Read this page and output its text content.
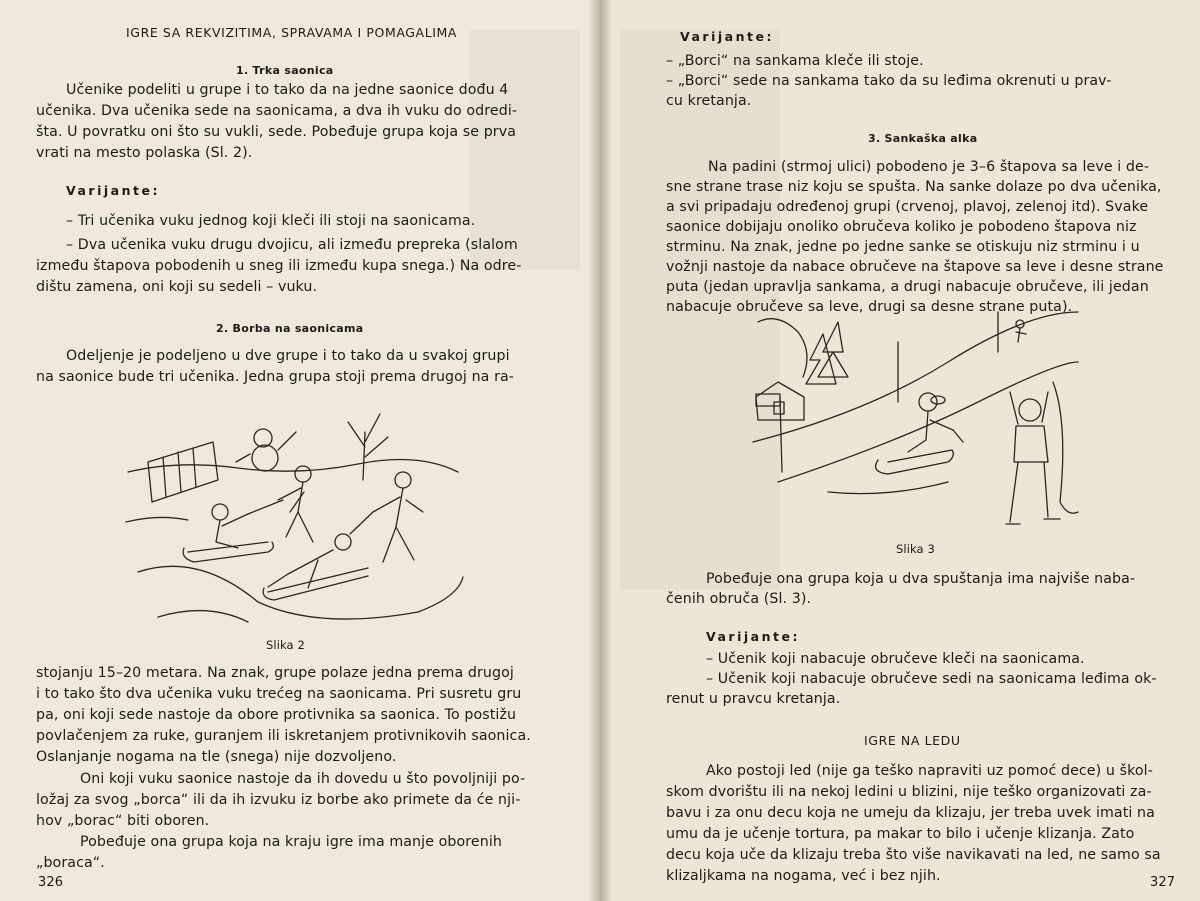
IGRE SA REKVIZITIMA, SPRAVAMA I POMAGALIMA
1. Trka saonica
Učenike podeliti u grupe i to tako da na jedne saonice dođu 4
učenika. Dva učenika sede na saonicama, a dva ih vuku do odredi-
šta. U povratku oni što su vukli, sede. Pobeđuje grupa koja se prva
vrati na mesto polaska (Sl. 2).
Varijante:
– Tri učenika vuku jednog koji kleči ili stoji na saonicama.
– Dva učenika vuku drugu dvojicu, ali između prepreka (slalom
između štapova pobodenih u sneg ili između kupa snega.) Na odre-
dištu zamena, oni koji su sedeli – vuku.
2. Borba na saonicama
Odeljenje je podeljeno u dve grupe i to tako da u svakoj grupi
na saonice bude tri učenika. Jedna grupa stoji prema drugoj na ra-
Slika 2
stojanju 15–20 metara. Na znak, grupe polaze jedna prema drugoj
i to tako što dva učenika vuku trećeg na saonicama. Pri susretu gru
pa, oni koji sede nastoje da obore protivnika sa saonica. To postižu
povlačenjem za ruke, guranjem ili iskretanjem protivnikovih saonica.
Oslanjanje nogama na tle (snega) nije dozvoljeno.
Oni koji vuku saonice nastoje da ih dovedu u što povoljniji po-
ložaj za svog „borca“ ili da ih izvuku iz borbe ako primete da će nji-
hov „borac“ biti oboren.
Pobeđuje ona grupa koja na kraju igre ima manje oborenih
„boraca“.
326
Varijante:
– „Borci“ na sankama kleče ili stoje.
– „Borci“ sede na sankama tako da su leđima okrenuti u prav-
cu kretanja.
3. Sankaška alka
Na padini (strmoj ulici) pobodeno je 3–6 štapova sa leve i de-
sne strane trase niz koju se spušta. Na sanke dolaze po dva učenika,
a svi pripadaju određenoj grupi (crvenoj, plavoj, zelenoj itd). Svake
saonice dobijaju onoliko obručeva koliko je pobodeno štapova niz
strminu. Na znak, jedne po jedne sanke se otiskuju niz strminu i u
vožnji nastoje da nabace obručeve na štapove sa leve i desne strane
puta (jedan upravlja sankama, a drugi nabacuje obručeve, ili jedan
nabacuje obručeve sa leve, drugi sa desne strane puta).
Slika 3
Pobeđuje ona grupa koja u dva spuštanja ima najviše naba-
čenih obruča (Sl. 3).
Varijante:
– Učenik koji nabacuje obručeve kleči na saonicama.
– Učenik koji nabacuje obručeve sedi na saonicama leđima ok-
renut u pravcu kretanja.
IGRE NA LEDU
Ako postoji led (nije ga teško napraviti uz pomoć dece) u škol-
skom dvorištu ili na nekoj ledini u blizini, nije teško organizovati za-
bavu i za onu decu koja ne umeju da klizaju, jer treba uvek imati na
umu da je učenje tortura, pa makar to bilo i učenje klizanja. Zato
decu koja uče da klizaju treba što više navikavati na led, ne samo sa
klizaljkama na nogama, već i bez njih.	327
